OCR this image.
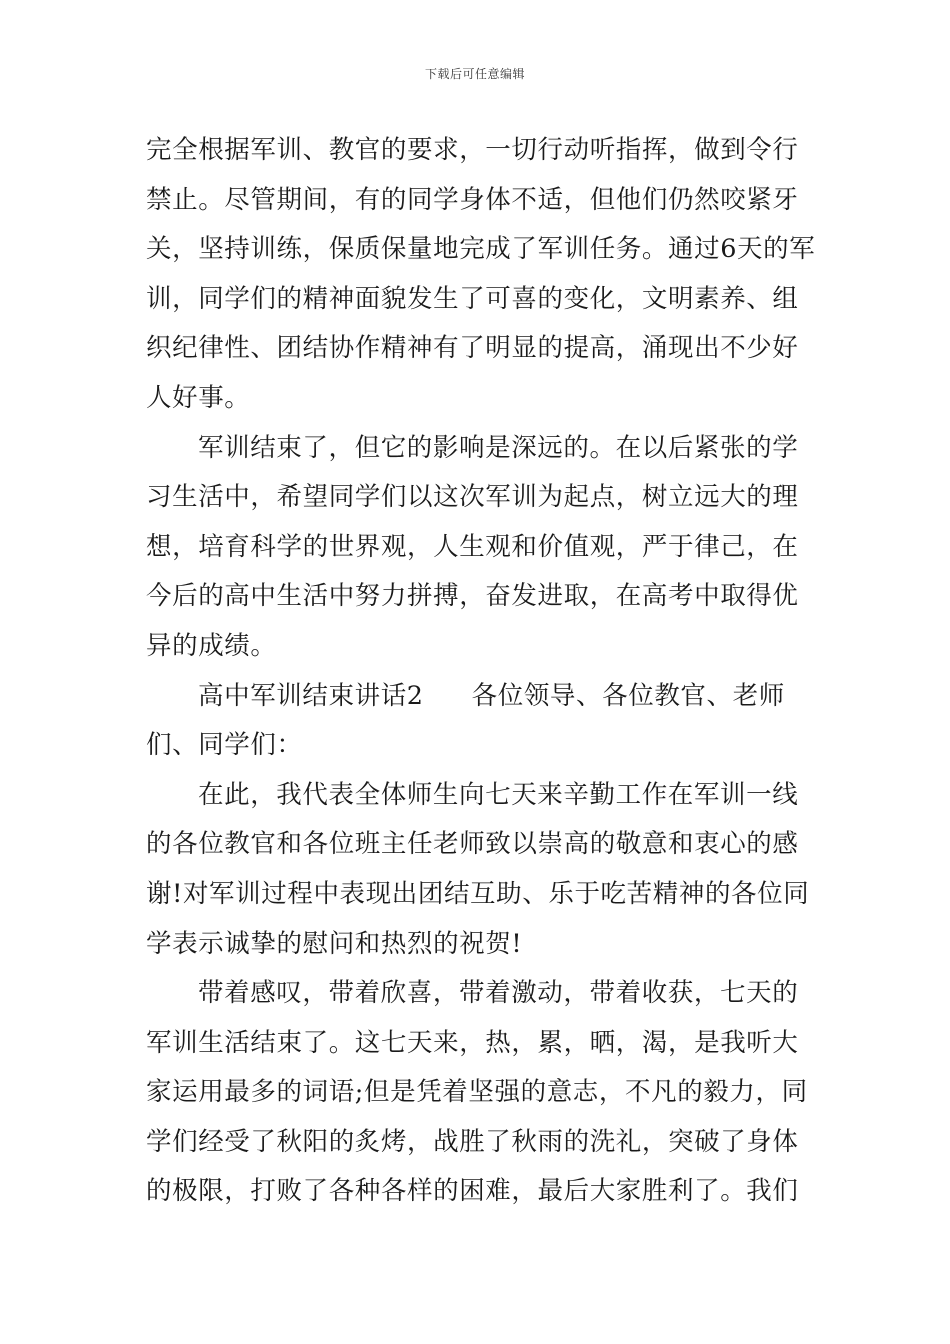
下载后可任意编辑

完全根据军训、教官的要求，一切行动听指挥，做到令行禁止。尽管期间，有的同学身体不适，但他们仍然咬紧牙关，坚持训练，保质保量地完成了军训任务。通过6天的军训，同学们的精神面貌发生了可喜的变化，文明素养、组织纪律性、团结协作精神有了明显的提高，涌现出不少好人好事。

军训结束了，但它的影响是深远的。在以后紧张的学习生活中，希望同学们以这次军训为起点，树立远大的理想，培育科学的世界观，人生观和价值观，严于律己，在今后的高中生活中努力拼搏，奋发进取，在高考中取得优异的成绩。

高中军训结束讲话2 各位领导、各位教官、老师们、同学们：

在此，我代表全体师生向七天来辛勤工作在军训一线的各位教官和各位班主任老师致以崇高的敬意和衷心的感谢!对军训过程中表现出团结互助、乐于吃苦精神的各位同学表示诚挚的慰问和热烈的祝贺!

带着感叹，带着欣喜，带着激动，带着收获，七天的军训生活结束了。这七天来，热，累，晒，渴，是我听大家运用最多的词语;但是凭着坚强的意志，不凡的毅力，同学们经受了秋阳的炙烤，战胜了秋雨的洗礼，突破了身体的极限，打败了各种各样的困难，最后大家胜利了。我们
